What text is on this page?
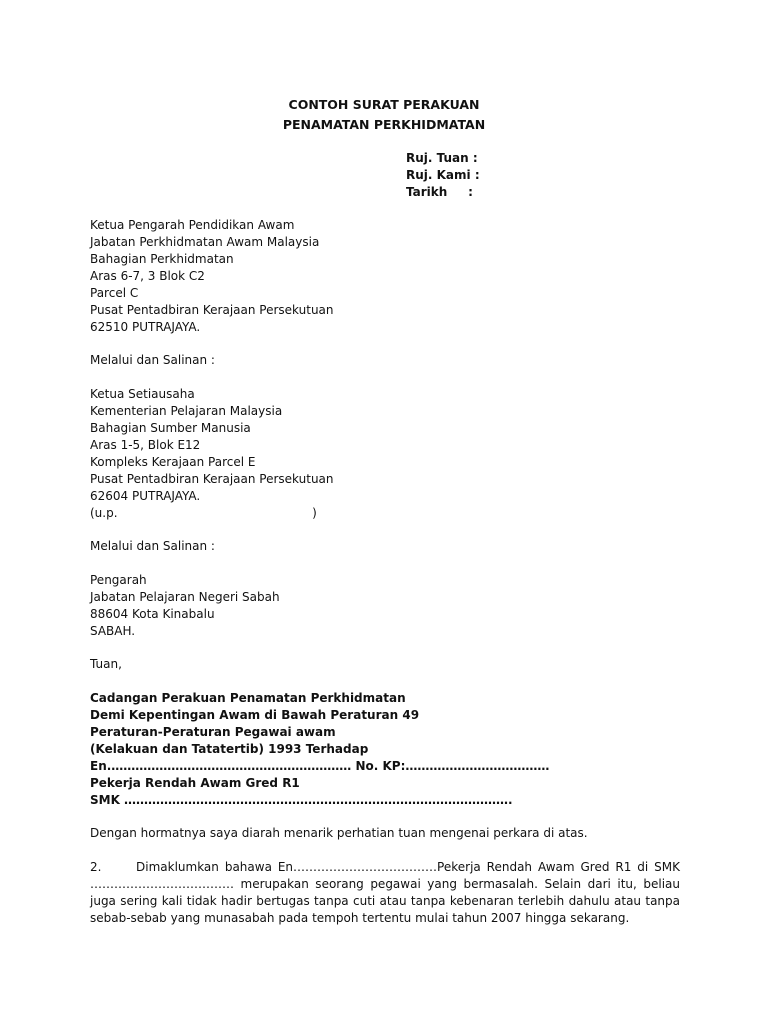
CONTOH SURAT PERAKUAN
PENAMATAN PERKHIDMATAN
Ruj. Tuan :
Ruj. Kami :
Tarikh     :
Ketua Pengarah Pendidikan Awam
Jabatan Perkhidmatan Awam Malaysia
Bahagian Perkhidmatan
Aras 6-7, 3 Blok C2
Parcel C
Pusat Pentadbiran Kerajaan Persekutuan
62510 PUTRAJAYA.
Melalui dan Salinan :
Ketua Setiausaha
Kementerian Pelajaran Malaysia
Bahagian Sumber Manusia
Aras 1-5, Blok E12
Kompleks Kerajaan Parcel E
Pusat Pentadbiran Kerajaan Persekutuan
62604 PUTRAJAYA.
(u.p.                                                   )
Melalui dan Salinan :
Pengarah
Jabatan Pelajaran Negeri Sabah
88604 Kota Kinabalu
SABAH.
Tuan,
Cadangan Perakuan Penamatan Perkhidmatan
Demi Kepentingan Awam di Bawah Peraturan 49
Peraturan-Peraturan Pegawai awam
(Kelakuan dan Tatatertib) 1993 Terhadap
En.…………………………………………………… No. KP:………………………………
Pekerja Rendah Awam Gred R1
SMK …………………………………………………………………………………….
Dengan hormatnya saya diarah menarik perhatian tuan mengenai perkara di atas.
2.	Dimaklumkan bahawa En………………………………Pekerja Rendah Awam Gred R1 di SMK ……………………………… merupakan seorang pegawai yang bermasalah. Selain dari itu, beliau juga sering kali tidak hadir bertugas tanpa cuti atau tanpa kebenaran terlebih dahulu atau tanpa sebab-sebab yang munasabah pada tempoh tertentu mulai tahun 2007 hingga sekarang.
